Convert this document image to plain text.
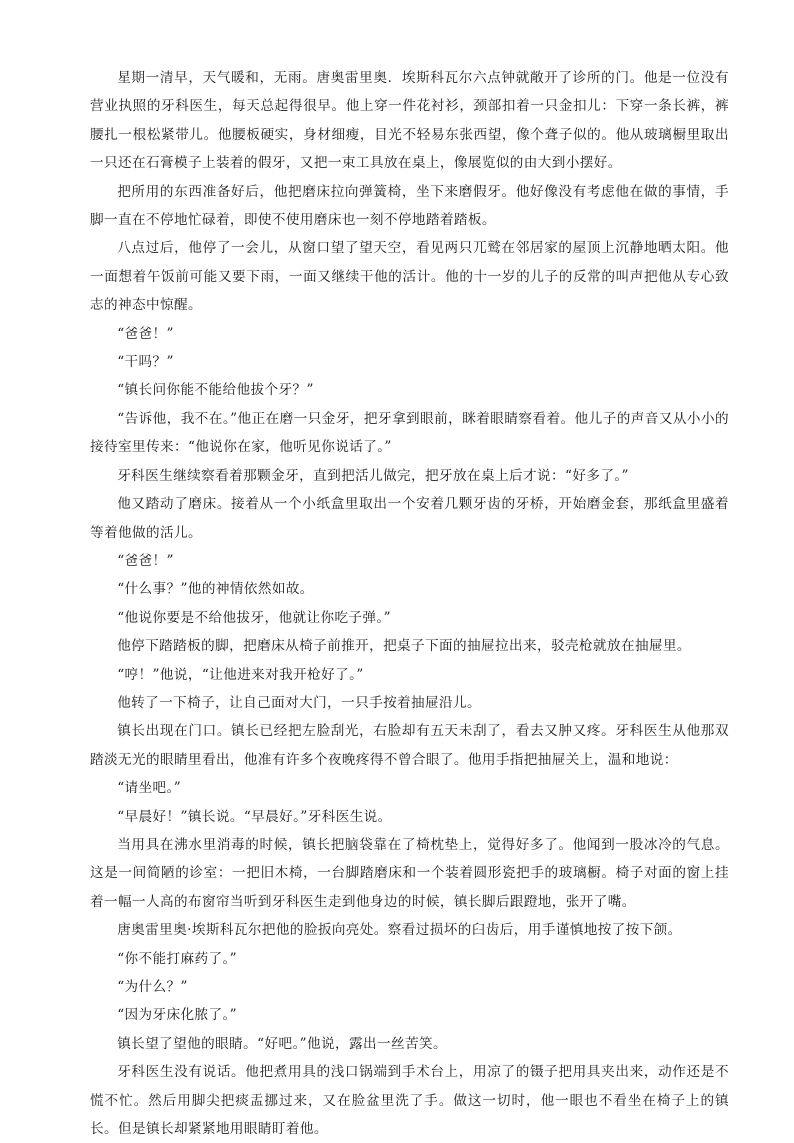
星期一清早，天气暖和，无雨。唐奥雷里奥．埃斯科瓦尔六点钟就敞开了诊所的门。他是一位没有营业执照的牙科医生，每天总起得很早。他上穿一件花衬衫，颈部扣着一只金扣儿：下穿一条长裤，裤腰扎一根松紧带儿。他腰板硬实，身材细瘦，目光不轻易东张西望，像个聋子似的。他从玻璃橱里取出一只还在石膏模子上装着的假牙，又把一束工具放在桌上，像展览似的由大到小摆好。

把所用的东西准备好后，他把磨床拉向弹簧椅，坐下来磨假牙。他好像没有考虑他在做的事情，手脚一直在不停地忙碌着，即使不使用磨床也一刻不停地踏着踏板。

八点过后，他停了一会儿，从窗口望了望天空，看见两只兀鹫在邻居家的屋顶上沉静地晒太阳。他一面想着午饭前可能又要下雨，一面又继续干他的活计。他的十一岁的儿子的反常的叫声把他从专心致志的神态中惊醒。

“爸爸！”

“干吗？”

“镇长问你能不能给他拔个牙？”

“告诉他，我不在。”他正在磨一只金牙，把牙拿到眼前，眯着眼睛察看着。他儿子的声音又从小小的接待室里传来：“他说你在家，他听见你说话了。”

牙科医生继续察看着那颗金牙，直到把活儿做完，把牙放在桌上后才说：“好多了。”

他又踏动了磨床。接着从一个小纸盒里取出一个安着几颗牙齿的牙桥，开始磨金套，那纸盒里盛着等着他做的活儿。

“爸爸！”

“什么事？”他的神情依然如故。

“他说你要是不给他拔牙，他就让你吃子弹。”

他停下踏踏板的脚，把磨床从椅子前推开，把桌子下面的抽屉拉出来，驳壳枪就放在抽屉里。

“哼！”他说，“让他进来对我开枪好了。”

他转了一下椅子，让自己面对大门，一只手按着抽屉沿儿。

镇长出现在门口。镇长已经把左脸刮光，右脸却有五天未刮了，看去又肿又疼。牙科医生从他那双踏淡无光的眼睛里看出，他准有许多个夜晚疼得不曾合眼了。他用手指把抽屉关上，温和地说：

“请坐吧。”

“早晨好！”镇长说。“早晨好。”牙科医生说。

当用具在沸水里消毒的时候，镇长把脑袋靠在了椅枕垫上，觉得好多了。他闻到一股冰冷的气息。这是一间简陋的诊室：一把旧木椅，一台脚踏磨床和一个装着圆形瓷把手的玻璃橱。椅子对面的窗上挂着一幅一人高的布窗帘当听到牙科医生走到他身边的时候，镇长脚后跟蹬地，张开了嘴。

唐奥雷里奥·埃斯科瓦尔把他的脸扳向亮处。察看过损坏的臼齿后，用手谨慎地按了按下颌。

“你不能打麻药了。”

“为什么？”

“因为牙床化脓了。”

镇长望了望他的眼睛。“好吧。”他说，露出一丝苦笑。

牙科医生没有说话。他把煮用具的浅口锅端到手术台上，用凉了的镊子把用具夹出来，动作还是不慌不忙。然后用脚尖把痰盂挪过来，又在脸盆里洗了手。做这一切时，他一眼也不看坐在椅子上的镇长。但是镇长却紧紧地用眼睛盯着他。
